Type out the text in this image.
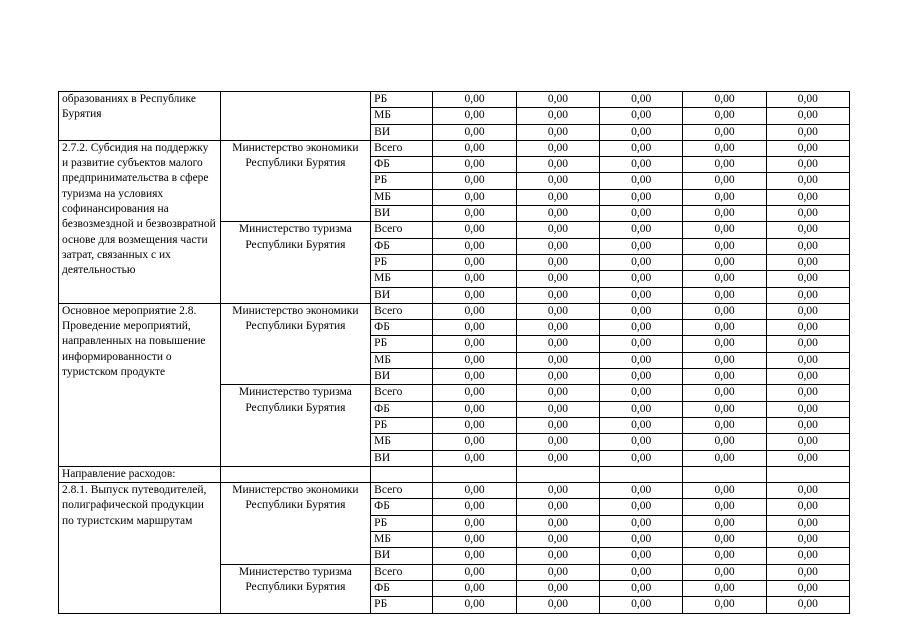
образованиях в Республике Бурятия		РБ	0,00	0,00	0,00	0,00	0,00
		МБ	0,00	0,00	0,00	0,00	0,00
		ВИ	0,00	0,00	0,00	0,00	0,00
2.7.2. Субсидия на поддержку и развитие субъектов малого предпринимательства в сфере туризма на условиях софинансирования на безвозмездной и безвозвратной основе для возмещения части затрат, связанных с их деятельностью	Министерство экономики Республики Бурятия	Всего	0,00	0,00	0,00	0,00	0,00
		ФБ	0,00	0,00	0,00	0,00	0,00
		РБ	0,00	0,00	0,00	0,00	0,00
		МБ	0,00	0,00	0,00	0,00	0,00
		ВИ	0,00	0,00	0,00	0,00	0,00
	Министерство туризма Республики Бурятия	Всего	0,00	0,00	0,00	0,00	0,00
		ФБ	0,00	0,00	0,00	0,00	0,00
		РБ	0,00	0,00	0,00	0,00	0,00
		МБ	0,00	0,00	0,00	0,00	0,00
		ВИ	0,00	0,00	0,00	0,00	0,00
Основное мероприятие 2.8. Проведение мероприятий, направленных на повышение информированности о туристском продукте	Министерство экономики Республики Бурятия	Всего	0,00	0,00	0,00	0,00	0,00
		ФБ	0,00	0,00	0,00	0,00	0,00
		РБ	0,00	0,00	0,00	0,00	0,00
		МБ	0,00	0,00	0,00	0,00	0,00
		ВИ	0,00	0,00	0,00	0,00	0,00
	Министерство туризма Республики Бурятия	Всего	0,00	0,00	0,00	0,00	0,00
		ФБ	0,00	0,00	0,00	0,00	0,00
		РБ	0,00	0,00	0,00	0,00	0,00
		МБ	0,00	0,00	0,00	0,00	0,00
		ВИ	0,00	0,00	0,00	0,00	0,00
Направление расходов:							
2.8.1. Выпуск путеводителей, полиграфической продукции по туристским маршрутам	Министерство экономики Республики Бурятия	Всего	0,00	0,00	0,00	0,00	0,00
		ФБ	0,00	0,00	0,00	0,00	0,00
		РБ	0,00	0,00	0,00	0,00	0,00
		МБ	0,00	0,00	0,00	0,00	0,00
		ВИ	0,00	0,00	0,00	0,00	0,00
	Министерство туризма Республики Бурятия	Всего	0,00	0,00	0,00	0,00	0,00
		ФБ	0,00	0,00	0,00	0,00	0,00
		РБ	0,00	0,00	0,00	0,00	0,00
